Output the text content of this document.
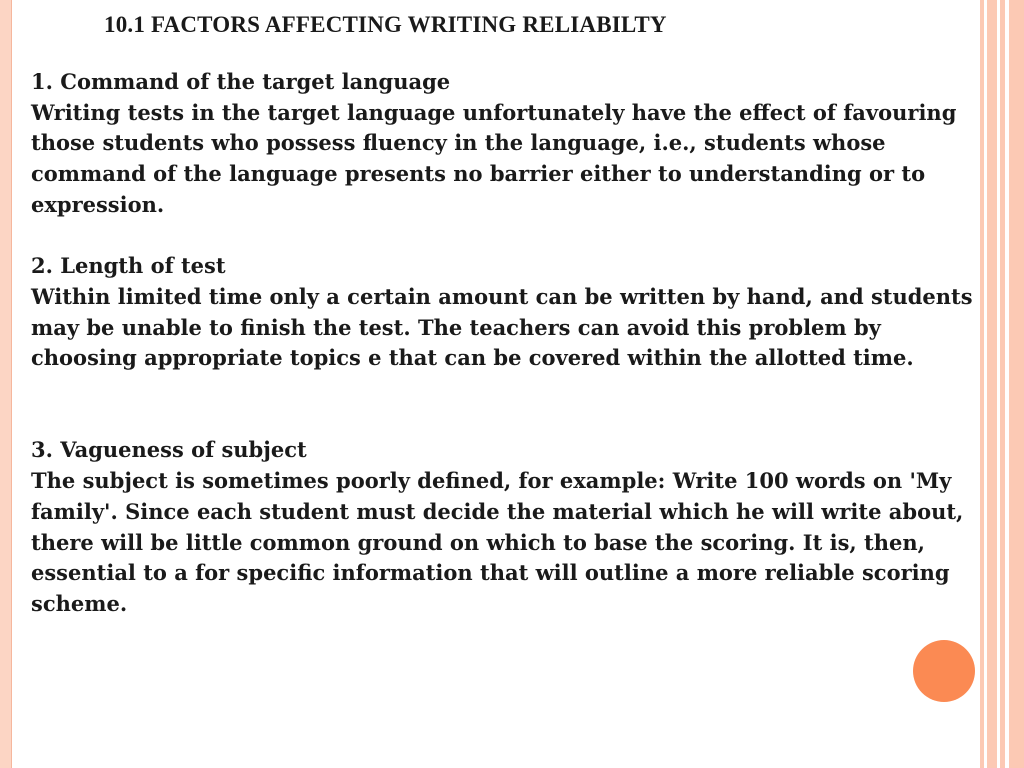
10.1 FACTORS AFFECTING WRITING RELIABILTY

1. Command of the target language

Writing tests in the target language unfortunately have the effect of favouring those students who possess fluency in the language, i.e., students whose command of the language presents no barrier either to understanding or to expression.

2. Length of test

Within limited time only a certain amount can be written by hand, and students may be unable to finish the test. The teachers can avoid this problem by choosing appropriate topics e that can be covered within the allotted time.

3. Vagueness of subject

The subject is sometimes poorly defined, for example: Write 100 words on 'My family'. Since each student must decide the material which he will write about, there will be little common ground on which to base the scoring. It is, then, essential to a for specific information that will outline a more reliable scoring scheme.
